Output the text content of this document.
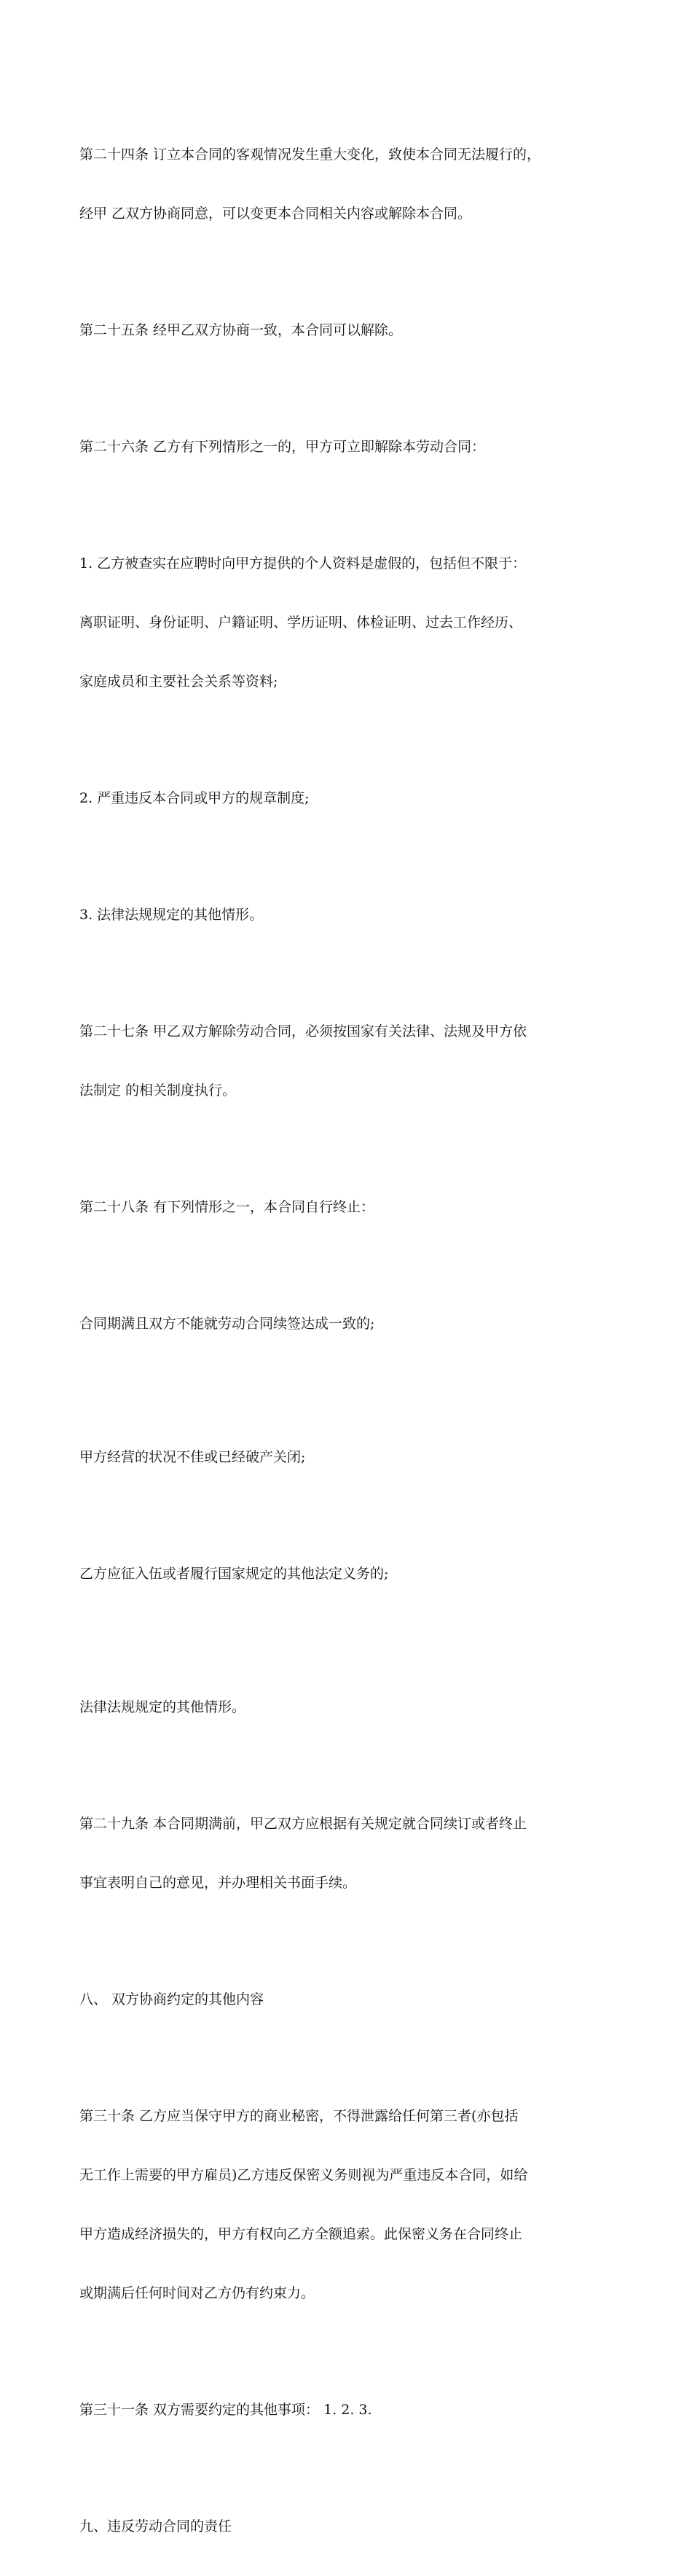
第二十四条 订立本合同的客观情况发生重大变化，致使本合同无法履行的，

经甲 乙双方协商同意，可以变更本合同相关内容或解除本合同。

第二十五条 经甲乙双方协商一致，本合同可以解除。

第二十六条 乙方有下列情形之一的，甲方可立即解除本劳动合同：

1. 乙方被查实在应聘时向甲方提供的个人资料是虚假的，包括但不限于：

离职证明、身份证明、户籍证明、学历证明、体检证明、过去工作经历、

家庭成员和主要社会关系等资料;

2. 严重违反本合同或甲方的规章制度;

3. 法律法规规定的其他情形。

第二十七条 甲乙双方解除劳动合同，必须按国家有关法律、法规及甲方依

法制定 的相关制度执行。

第二十八条 有下列情形之一，本合同自行终止：

合同期满且双方不能就劳动合同续签达成一致的;

甲方经营的状况不佳或已经破产关闭;

乙方应征入伍或者履行国家规定的其他法定义务的;

法律法规规定的其他情形。

第二十九条 本合同期满前，甲乙双方应根据有关规定就合同续订或者终止

事宜表明自己的意见，并办理相关书面手续。

八、 双方协商约定的其他内容

第三十条 乙方应当保守甲方的商业秘密，不得泄露给任何第三者(亦包括

无工作上需要的甲方雇员)乙方违反保密义务则视为严重违反本合同，如给

甲方造成经济损失的，甲方有权向乙方全额追索。此保密义务在合同终止

或期满后任何时间对乙方仍有约束力。

第三十一条 双方需要约定的其他事项： 1. 2. 3.

九、违反劳动合同的责任
